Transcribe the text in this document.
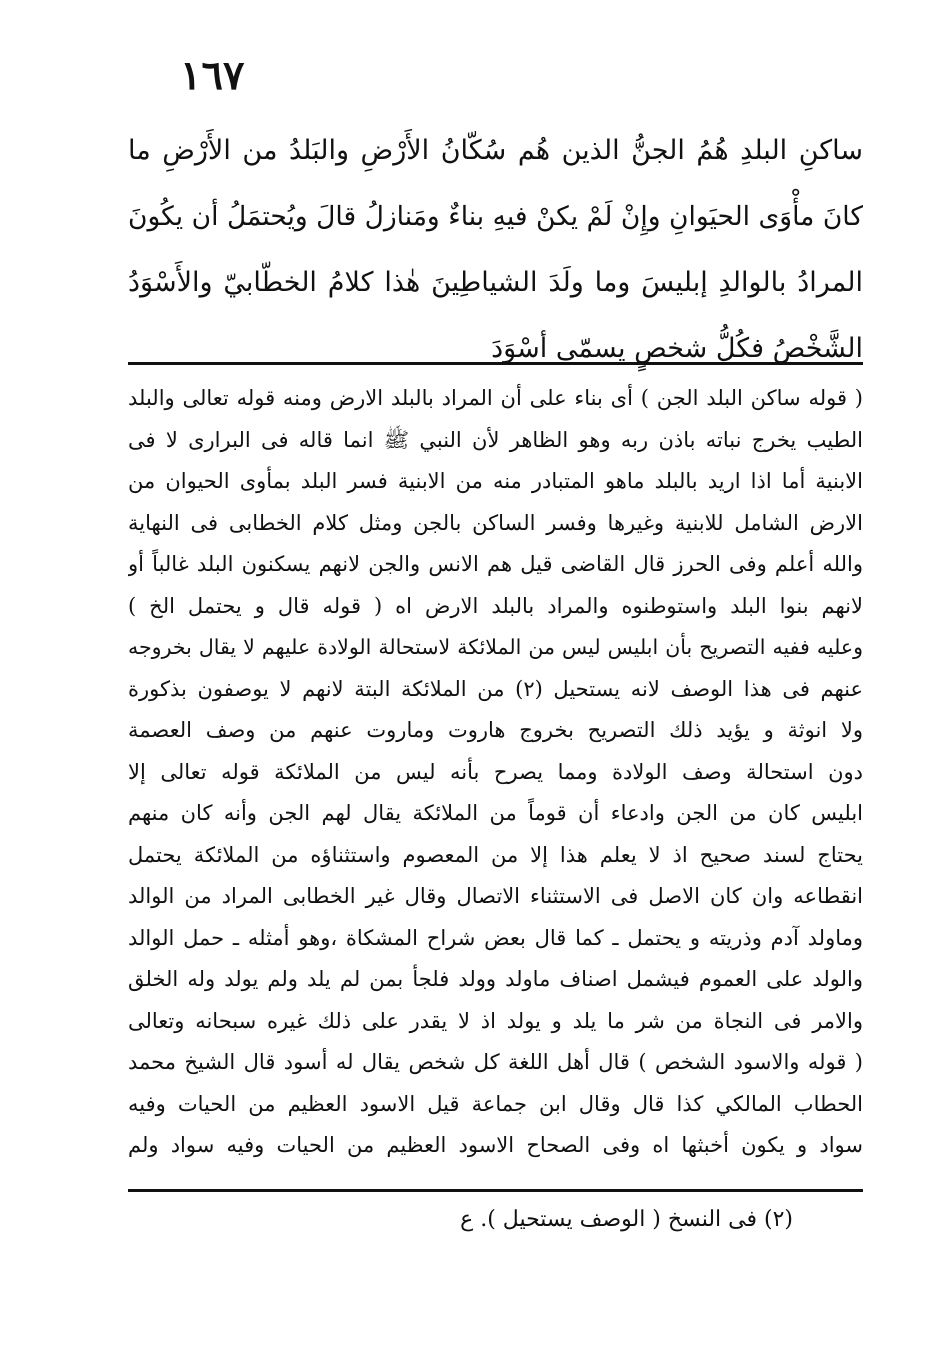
١٦٧
ساكنِ البلدِ هُمُ الجنُّ الذين هُم سُكّانُ الأَرْضِ والبَلدُ من الأَرْضِ ما
كانَ مأْوَى الحيَوانِ وإِنْ لَمْ يكنْ فيهِ بناءٌ ومَنازلُ قالَ ويُحتمَلُ أن يكُونَ
المرادُ بالوالدِ إبليسَ وما ولَدَ الشياطِينَ هٰذا كلامُ الخطّابيّ والأَسْوَدُ
الشَّخْصُ فكُلُّ شخصٍ يسمّى أسْوَدَ
( قوله ساكن البلد الجن ) أى بناء على أن المراد بالبلد الارض ومنه قوله تعالى والبلد
الطيب يخرج نباته باذن ربه وهو الظاهر لأن النبي ﷺ انما قاله فى البرارى لا فى
الابنية أما اذا اريد بالبلد ماهو المتبادر منه من الابنية فسر البلد بمأوى الحيوان من
الارض الشامل للابنية وغيرها وفسر الساكن بالجن ومثل كلام الخطابى فى النهاية
والله أعلم وفى الحرز قال القاضى قيل هم الانس والجن لانهم يسكنون البلد غالباً أو
لانهم بنوا البلد واستوطنوه والمراد بالبلد الارض اه ( قوله قال و يحتمل الخ )
وعليه ففيه التصريح بأن ابليس ليس من الملائكة لاستحالة الولادة عليهم لا يقال بخروجه
عنهم فى هذا الوصف لانه يستحيل (٢) من الملائكة البتة لانهم لا يوصفون بذكورة
ولا انوثة و يؤيد ذلك التصريح بخروج هاروت وماروت عنهم من وصف العصمة
دون استحالة وصف الولادة ومما يصرح بأنه ليس من الملائكة قوله تعالى إلا
ابليس كان من الجن وادعاء أن قوماً من الملائكة يقال لهم الجن وأنه كان منهم
يحتاج لسند صحيح اذ لا يعلم هذا إلا من المعصوم واستثناؤه من الملائكة يحتمل
انقطاعه وان كان الاصل فى الاستثناء الاتصال وقال غير الخطابى المراد من الوالد
وماولد آدم وذريته و يحتمل ـ كما قال بعض شراح المشكاة ،وهو أمثله ـ حمل الوالد
والولد على العموم فيشمل اصناف ماولد وولد فلجأ بمن لم يلد ولم يولد وله الخلق
والامر فى النجاة من شر ما يلد و يولد اذ لا يقدر على ذلك غيره سبحانه وتعالى
( قوله والاسود الشخص ) قال أهل اللغة كل شخص يقال له أسود قال الشيخ محمد
الحطاب المالكي كذا قال وقال ابن جماعة قيل الاسود العظيم من الحيات وفيه
سواد و يكون أخبثها اه وفى الصحاح الاسود العظيم من الحيات وفيه سواد ولم
(٢) فى النسخ ( الوصف يستحيل ). ع
